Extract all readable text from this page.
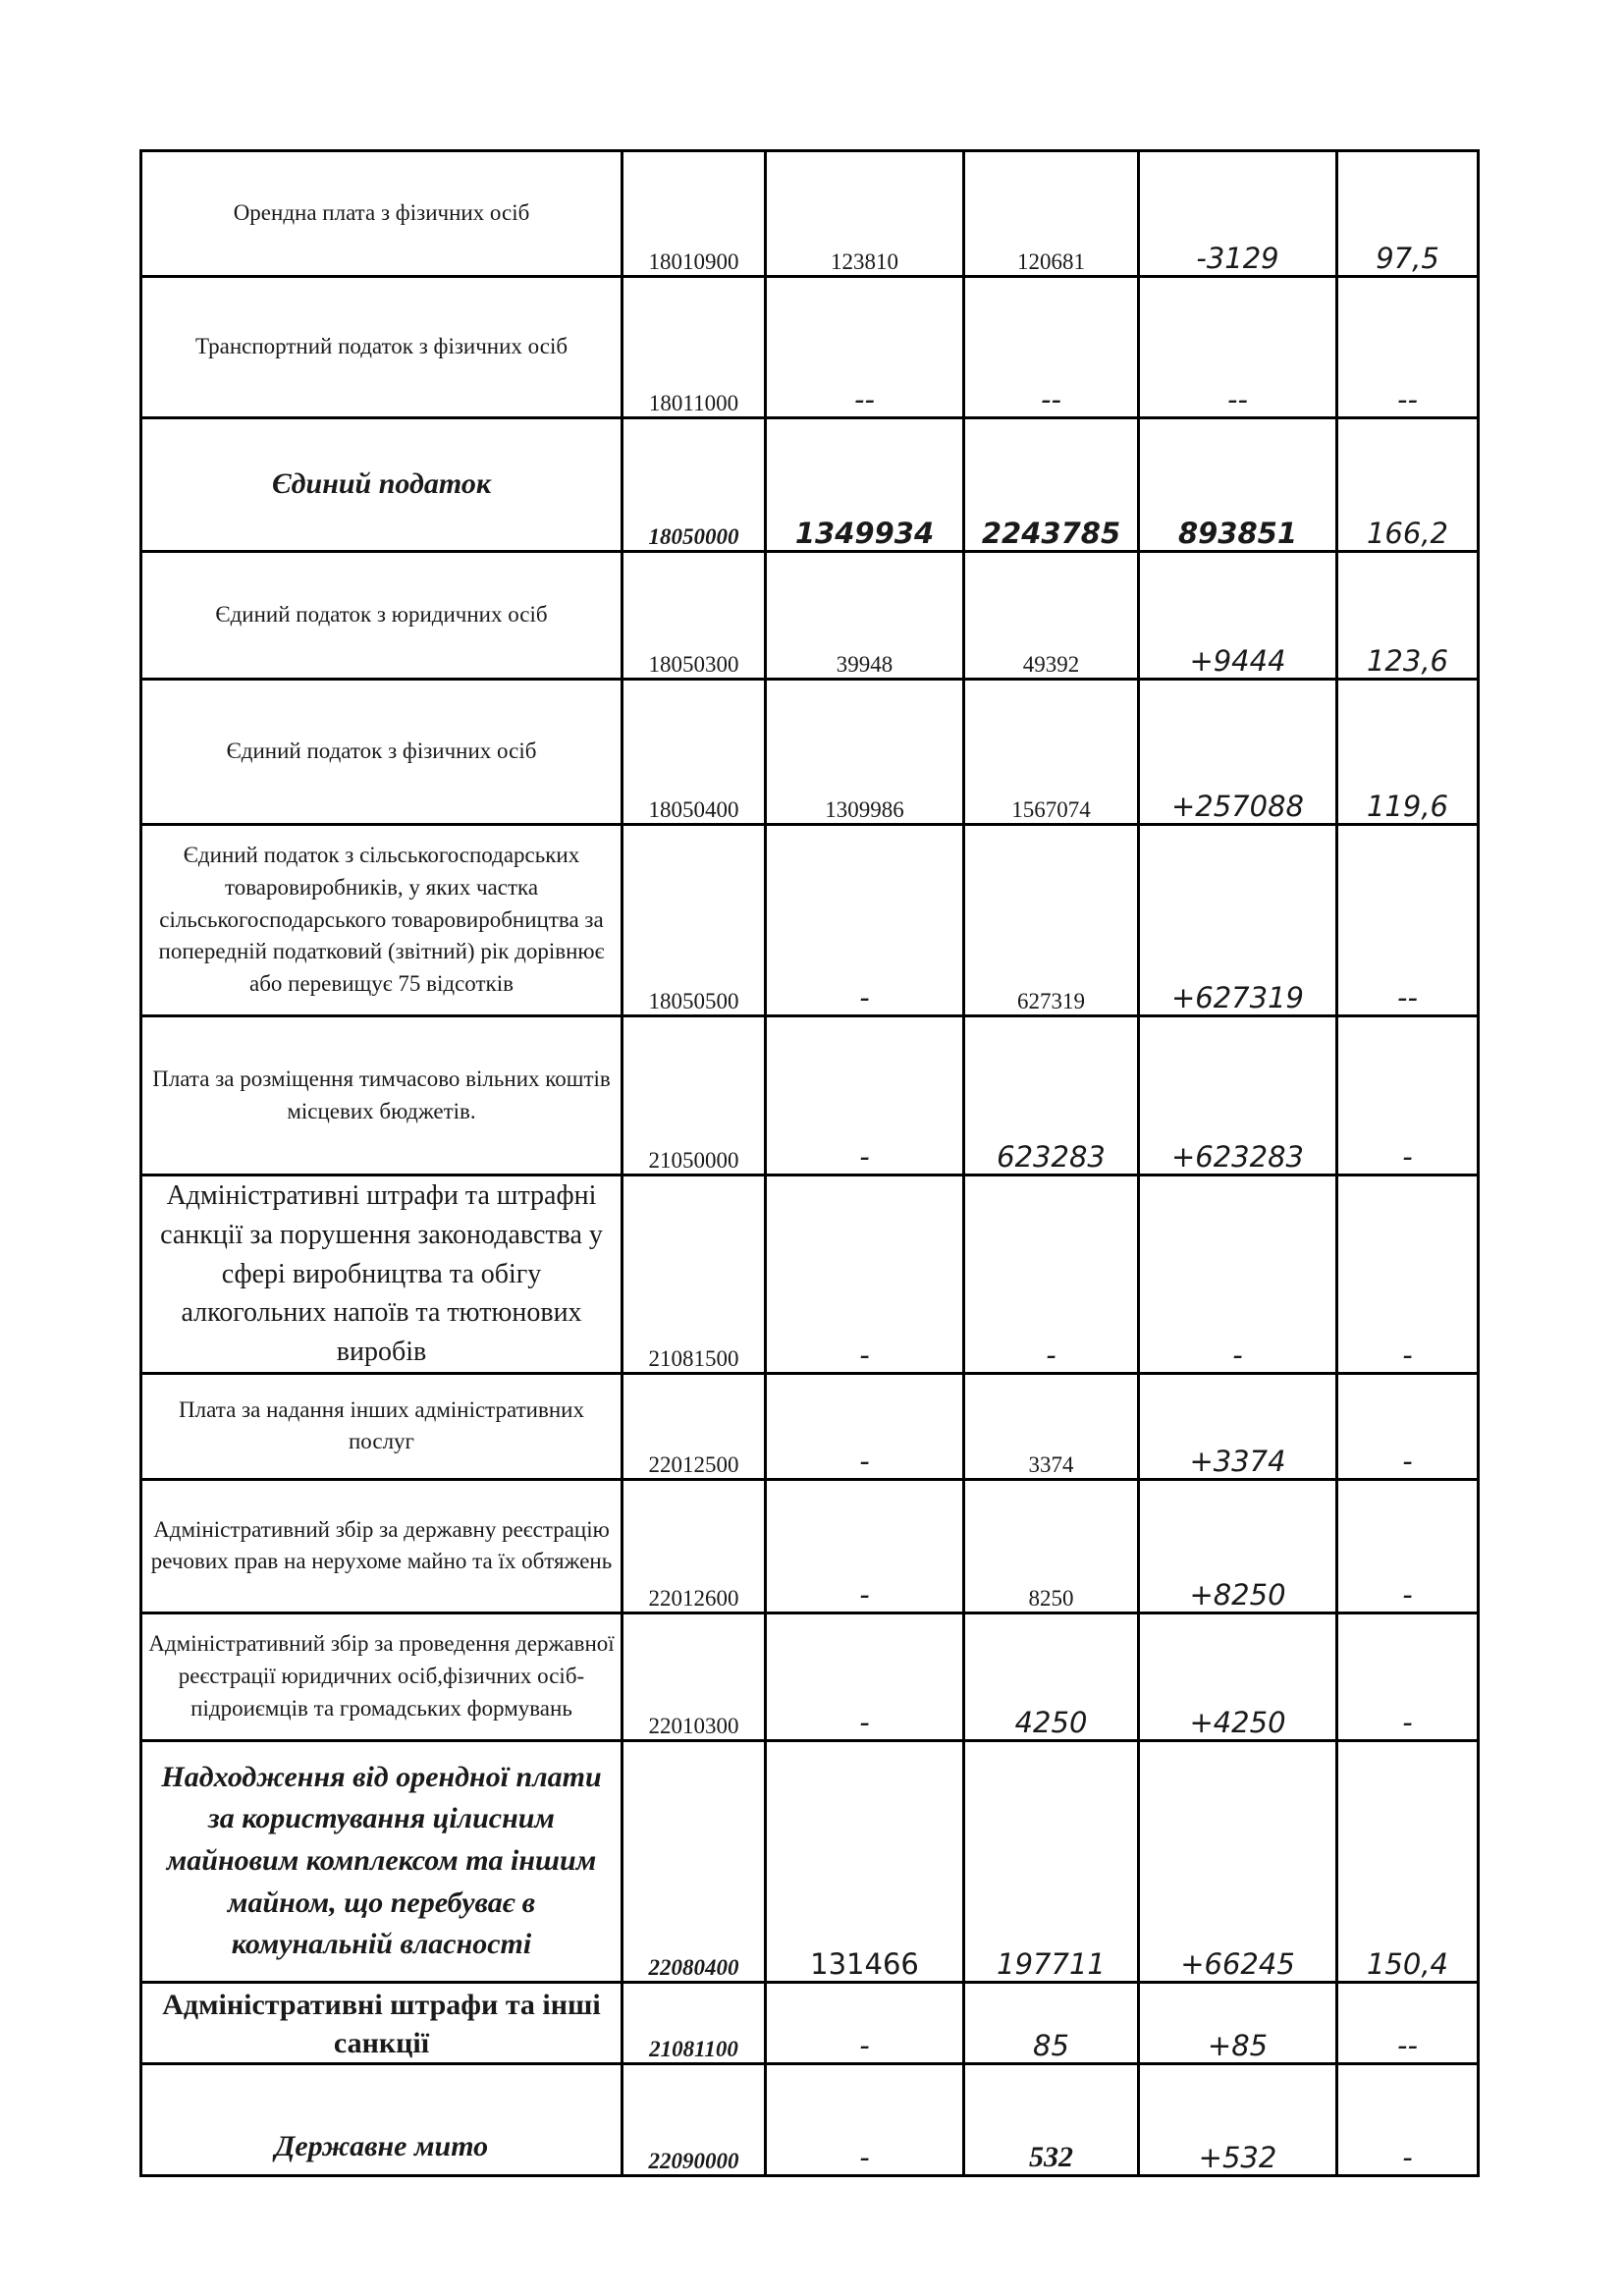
Орендна плата з фізичних осіб	18010900	123810	120681	-3129	97,5
Транспортний податок з фізичних осіб	18011000	--	--	--	--
Єдиний податок	18050000	1349934	2243785	893851	166,2
Єдиний податок з юридичних осіб	18050300	39948	49392	+9444	123,6
Єдиний податок з фізичних осіб	18050400	1309986	1567074	+257088	119,6
Єдиний податок з сільськогосподарських товаровиробників, у яких частка сільськогосподарського товаровиробництва за попередній податковий (звітний) рік дорівнює або перевищує 75 відсотків	18050500	-	627319	+627319	--
Плата за розміщення тимчасово вільних коштів місцевих бюджетів.	21050000	-	623283	+623283	-
Адміністративні штрафи та штрафні санкції за порушення законодавства у сфері виробництва та обігу алкогольних напоїв та тютюнових виробів	21081500	-	-	-	-
Плата за надання інших адміністративних послуг	22012500	-	3374	+3374	-
Адміністративний збір за державну реєстрацію речових прав на нерухоме майно та їх обтяжень	22012600	-	8250	+8250	-
Адміністративний збір за проведення державної реєстрації юридичних осіб,фізичних осіб- підроиємців та громадських формувань	22010300	-	4250	+4250	-
Надходження від орендної плати за користування цілисним майновим комплексом та іншим майном, що перебуває в комунальній власності	22080400	131466	197711	+66245	150,4
Адміністративні штрафи та інші санкції	21081100	-	85	+85	--
Державне мито	22090000	-	532	+532	-
